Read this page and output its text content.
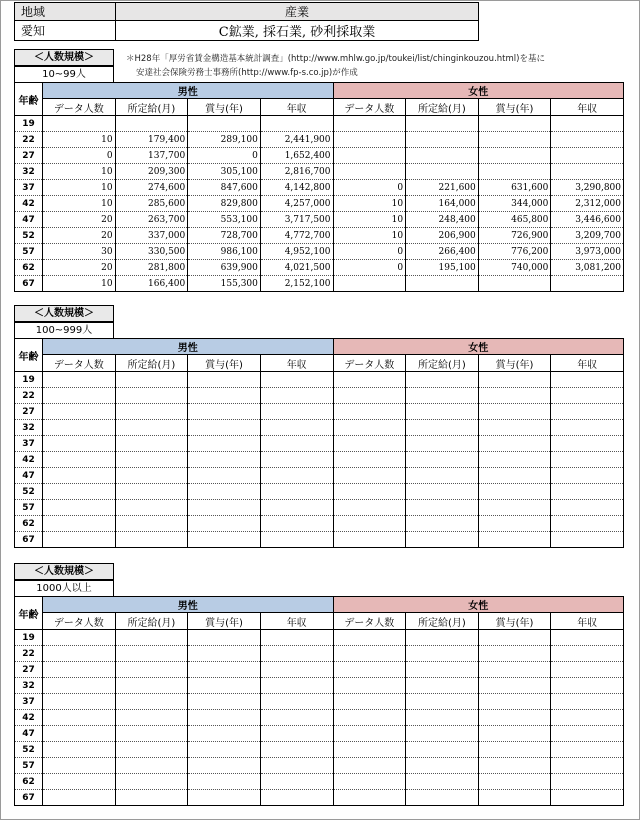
地域	産業
愛知	C鉱業, 採石業, 砂利採取業
＊H28年「厚労省賃金構造基本統計調査」(http://www.mhlw.go.jp/toukei/list/chinginkouzou.html)を基に
安達社会保険労務士事務所(http://www.fp-s.co.jp)が作成
＜人数規模＞
10~99人
年齢	男性				女性			
	データ人数	所定給(月)	賞与(年)	年収	データ人数	所定給(月)	賞与(年)	年収
19								
22	10	179,400	289,100	2,441,900				
27	0	137,700	0	1,652,400				
32	10	209,300	305,100	2,816,700				
37	10	274,600	847,600	4,142,800	0	221,600	631,600	3,290,800
42	10	285,600	829,800	4,257,000	10	164,000	344,000	2,312,000
47	20	263,700	553,100	3,717,500	10	248,400	465,800	3,446,600
52	20	337,000	728,700	4,772,700	10	206,900	726,900	3,209,700
57	30	330,500	986,100	4,952,100	0	266,400	776,200	3,973,000
62	20	281,800	639,900	4,021,500	0	195,100	740,000	3,081,200
67	10	166,400	155,300	2,152,100				
＜人数規模＞
100~999人
年齢	男性				女性			
	データ人数	所定給(月)	賞与(年)	年収	データ人数	所定給(月)	賞与(年)	年収
19								
22								
27								
32								
37								
42								
47								
52								
57								
62								
67								
＜人数規模＞
1000人以上
年齢	男性				女性			
	データ人数	所定給(月)	賞与(年)	年収	データ人数	所定給(月)	賞与(年)	年収
19								
22								
27								
32								
37								
42								
47								
52								
57								
62								
67								
